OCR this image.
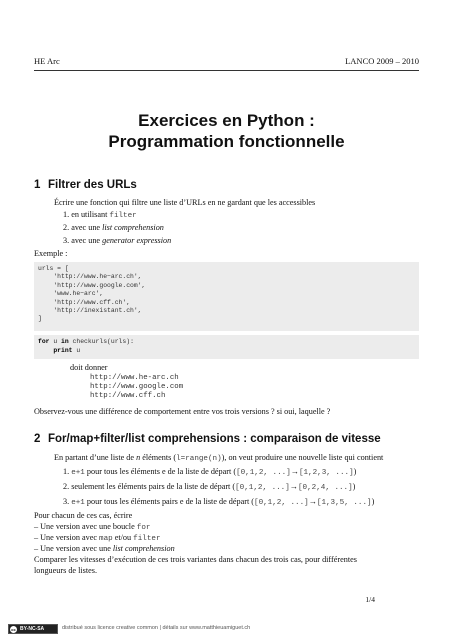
HE Arc	LANCO 2009 – 2010
Exercices en Python :
Programmation fonctionnelle
1 Filtrer des URLs
Écrire une fonction qui filtre une liste d’URLs en ne gardant que les accessibles
1. en utilisant filter
2. avec une list comprehension
3. avec une generator expression
Exemple :
urls = [
'http://www.he−arc.ch',
'http://www.google.com',
'www.he−arc',
'http://www.cff.ch',
'http://inexistant.ch',
]
for u in checkurls(urls):
print u
doit donner
http://www.he-arc.ch
http://www.google.com
http://www.cff.ch
Observez-vous une différence de comportement entre vos trois versions ? si oui, laquelle ?
2 For/map+filter/list comprehensions : comparaison de vitesse
En partant d’une liste de n éléments (l=range(n)), on veut produire une nouvelle liste qui contient
1. e+1 pour tous les éléments e de la liste de départ ([0,1,2, ...]→[1,2,3, ...])
2. seulement les éléments pairs de la liste de départ ([0,1,2, ...]→[0,2,4, ...])
3. e+1 pour tous les éléments pairs e de la liste de départ ([0,1,2, ...]→[1,3,5, ...])
Pour chacun de ces cas, écrire
– Une version avec une boucle for
– Une version avec map et/ou filter
– Une version avec une list comprehension
Comparer les vitesses d’exécution de ces trois variantes dans chacun des trois cas, pour différentes
longueurs de listes.
1/4
cc BY-NC-SA	distribué sous licence creative common | détails sur www.matthieuamiguet.ch
